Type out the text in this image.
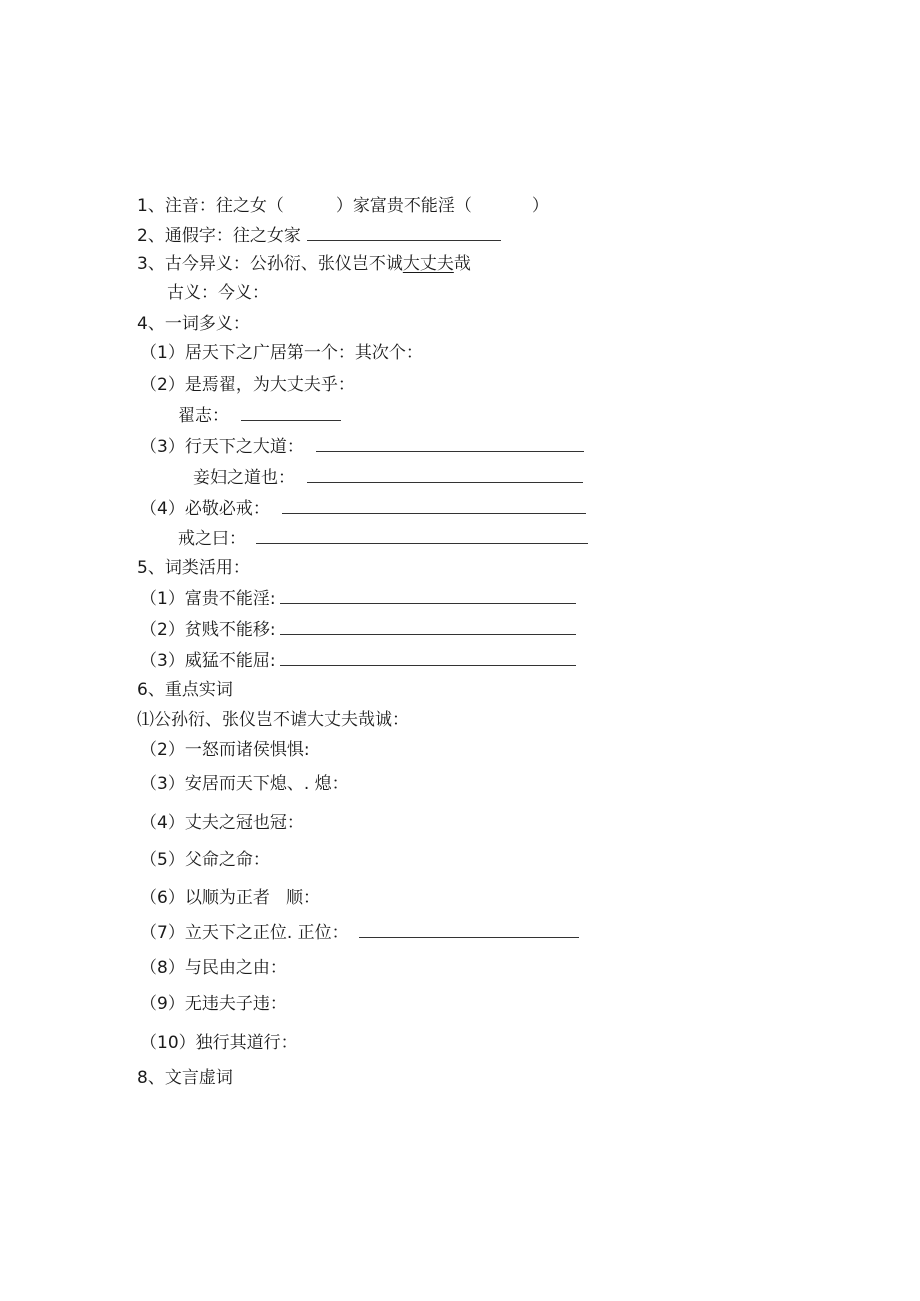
1、注音：往之女（	）家富贵不能淫（	）
2、通假字：往之女家
3、古今异义：公孙衍、张仪岂不诚 大丈夫 哉
古义：今义：
4、一词多义：
（1）居天下之广居第一个：其次个：
（2）是焉翟，为大丈夫乎：
翟志：
（3）行天下之大道：
妾妇之道也：
（4）必敬必戒：
戒之曰：
5、词类活用：
（1）富贵不能淫:
（2）贫贱不能移:
（3）威猛不能屈:
6、重点实词
⑴公孙衍、张仪岂不谑大丈夫哉诚：
（2）一怒而诸侯惧惧:
（3）安居而天下熄、. 熄：
（4）丈夫之冠也冠：
（5）父命之命：
（6）以顺为正者   顺：
（7）立天下之正位. 正位：
（8）与民由之由：
（9）无违夫子违：
（10）独行其道行：
8、文言虚词
